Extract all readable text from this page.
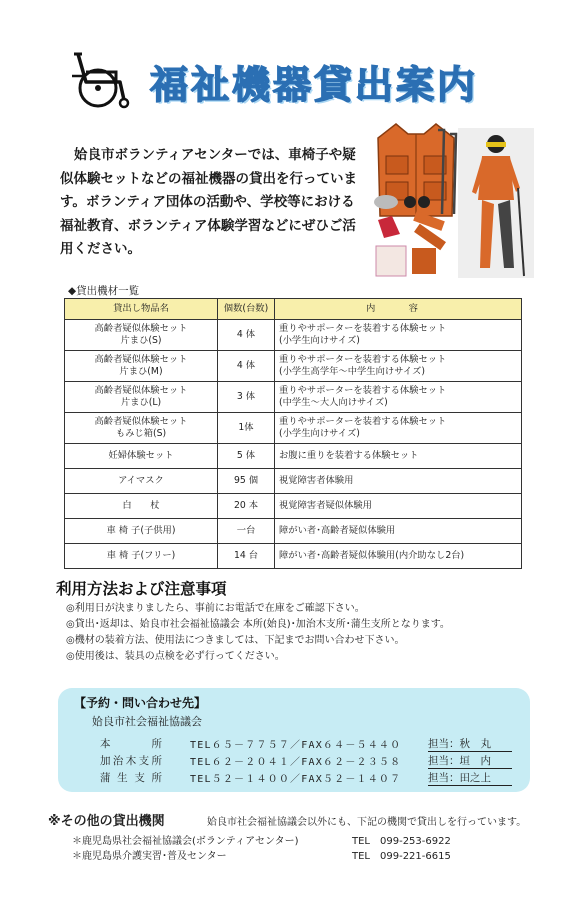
福祉機器貸出案内

姶良市ボランティアセンターでは、車椅子や疑似体験セットなどの福祉機器の貸出を行っています。ボランティア団体の活動や、学校等における福祉教育、ボランティア体験学習などにぜひご活用ください。

◆貸出機材一覧
貸出し物品名	個数(台数)	内　容

高齢者疑似体験セット
片まひ(S)	4 体	重りやサポーターを装着する体験セット
(小学生向けサイズ)

高齢者疑似体験セット
片まひ(M)	4 体	重りやサポーターを装着する体験セット
(小学生高学年～中学生向けサイズ)

高齢者疑似体験セット
片まひ(L)	3 体	重りやサポーターを装着する体験セット
(中学生～大人向けサイズ)

高齢者疑似体験セット
もみじ箱(S)	1体	重りやサポーターを装着する体験セット
(小学生向けサイズ)

妊婦体験セット	5 体	お腹に重りを装着する体験セット
アイマスク	95 個	視覚障害者体験用
白　　杖	20 本	視覚障害者疑似体験用
車 椅 子(子供用)	一台	障がい者･高齢者疑似体験用
車 椅 子(フリー)	14 台	障がい者･高齢者疑似体験用(内介助なし2台)
利用方法および注意事項
◎利用日が決まりましたら、事前にお電話で在庫をご確認下さい。
◎貸出･返却は、姶良市社会福祉協議会 本所(始良)･加治木支所･蒲生支所となります。
◎機材の装着方法、使用法につきましては、下記までお問い合わせ下さい。
◎使用後は、装具の点検を必ず行ってください。
【予約・問い合わせ先】
姶良市社会福祉協議会
本　所	TEL６５－７７５７／FAX６４－５４４０	担当：秋　丸
加治木支所	TEL６２－２０４１／FAX６２－２３５８	担当：垣　内
蒲生支所	TEL５２－１４００／FAX５２－１４０７	担当：田之上
※その他の貸出機関	姶良市社会福祉協議会以外にも、下記の機関で貸出しを行っています。
＊鹿児島県社会福祉協議会(ボランティアセンター)	TEL　099-253-6922
＊鹿児島県介護実習･普及センター	TEL　099-221-6615
